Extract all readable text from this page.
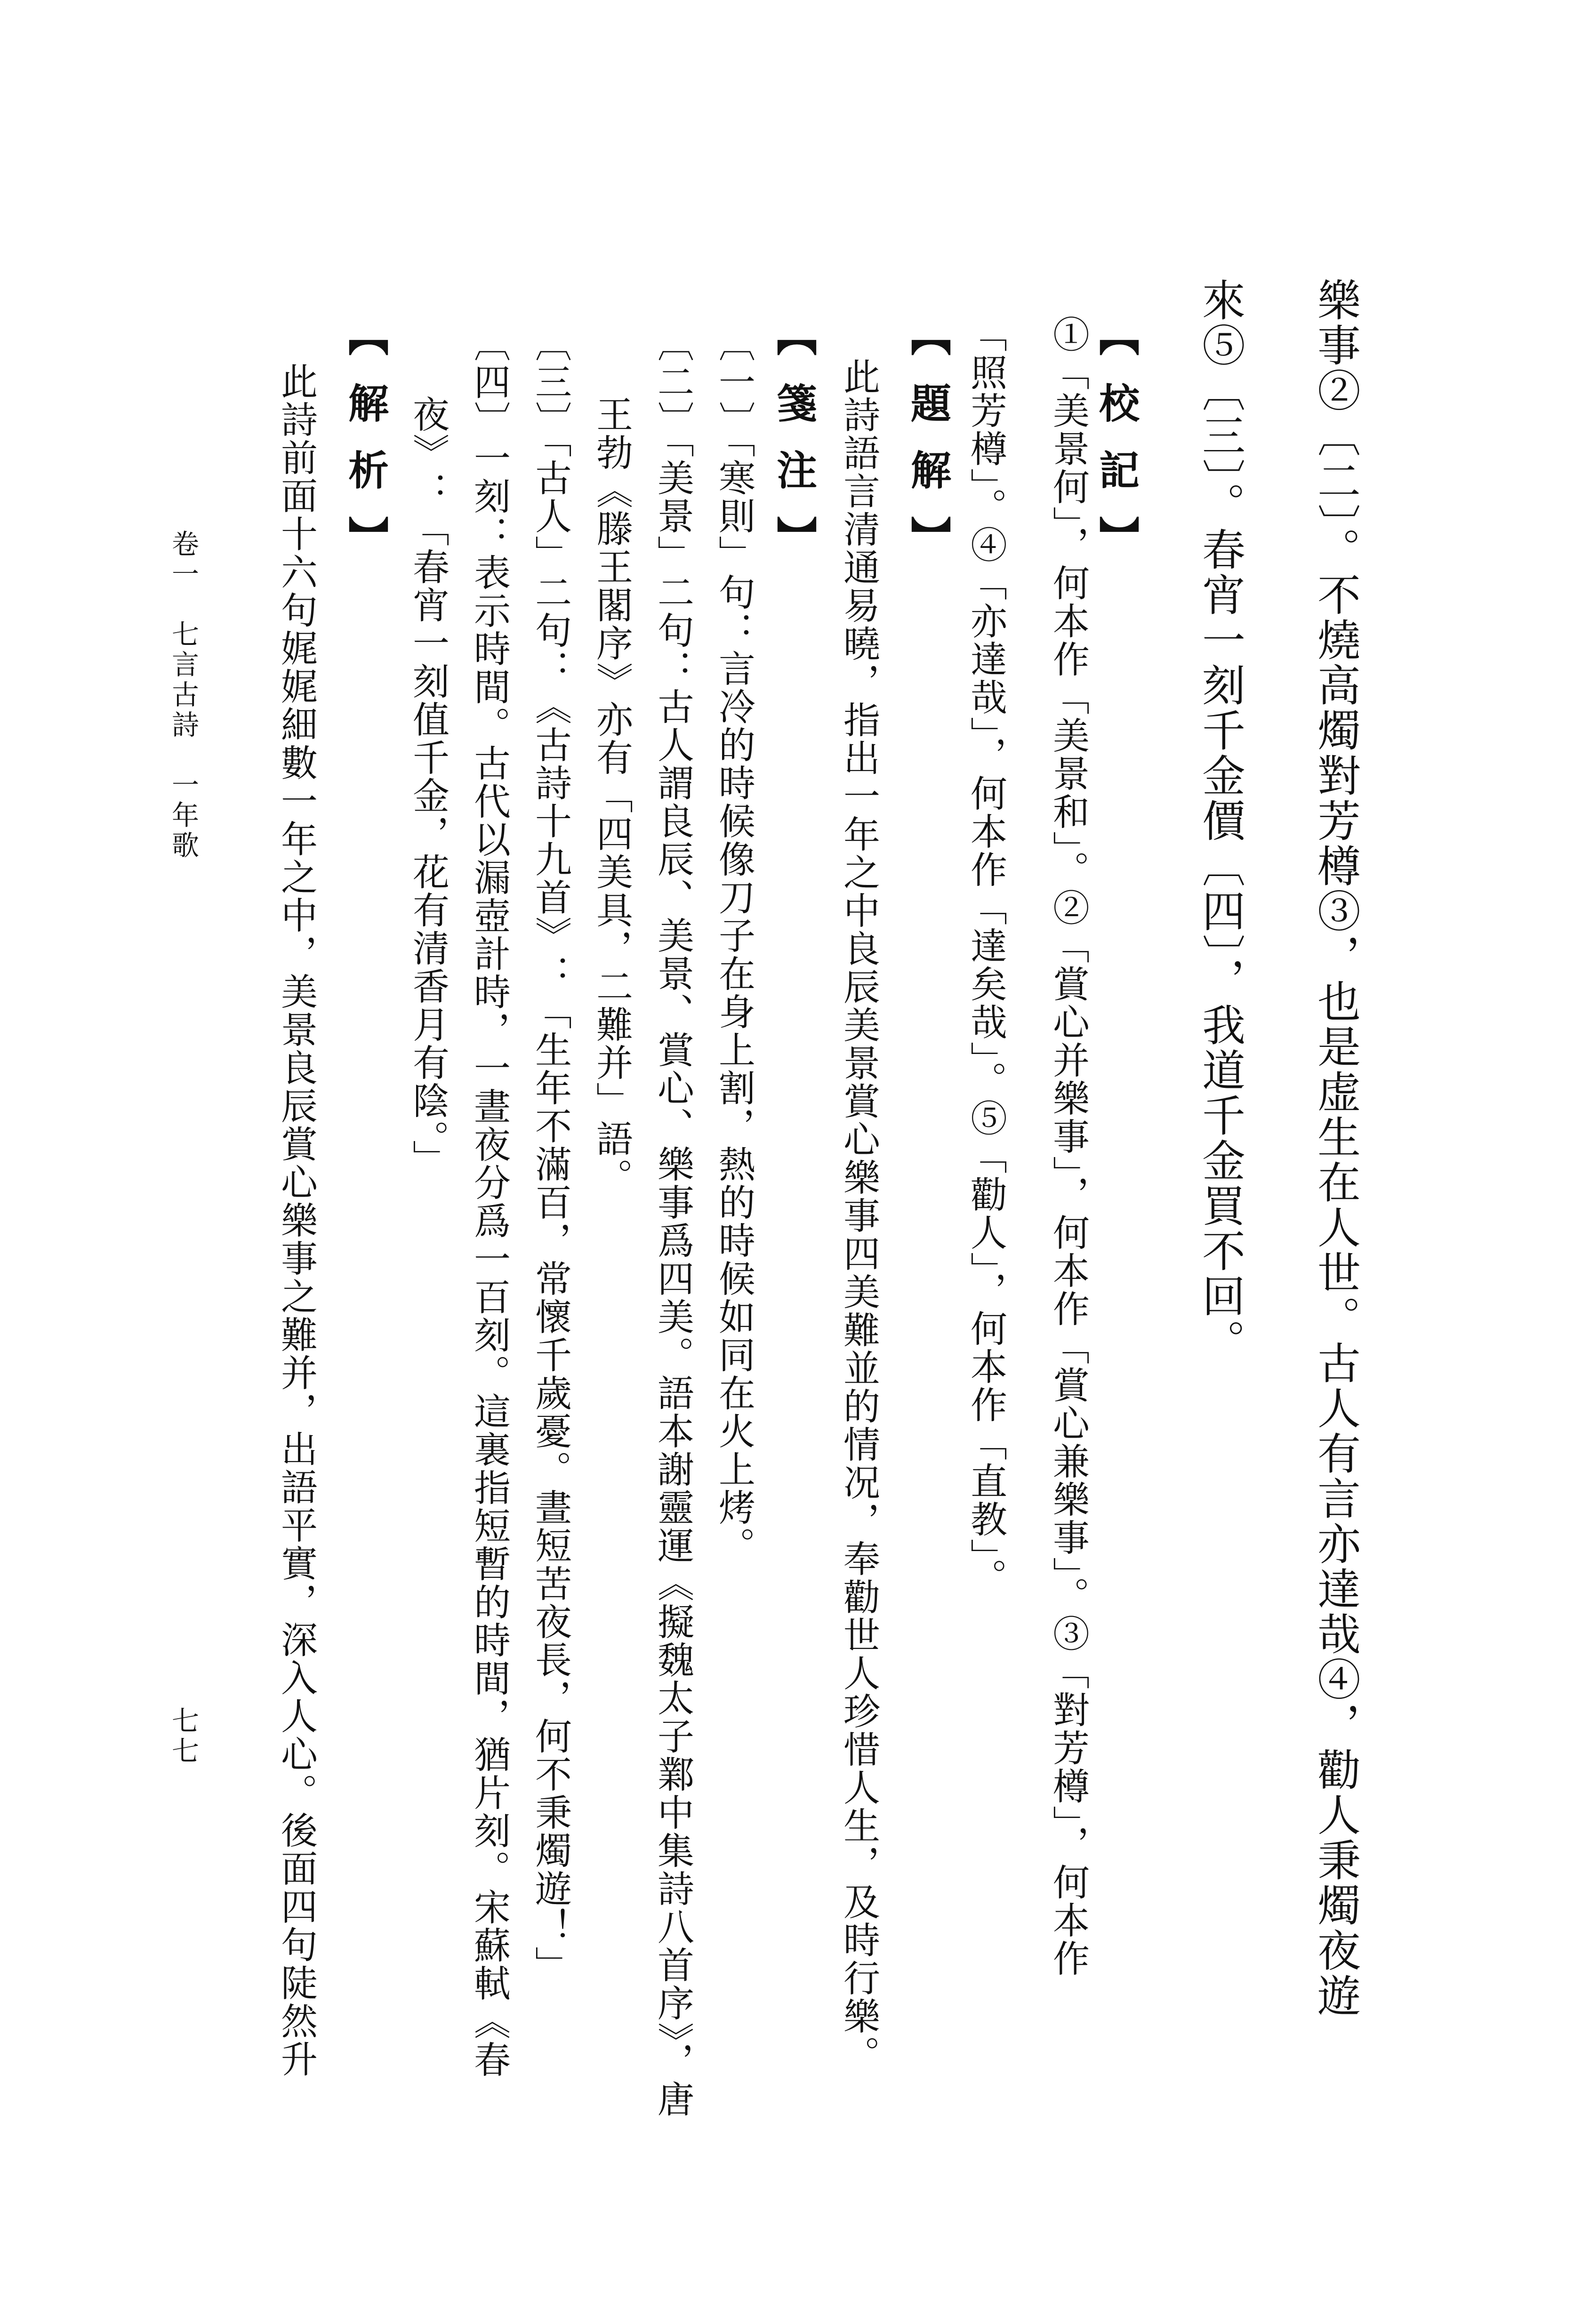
樂事②〔二〕。不燒高燭對芳樽③，也是虚生在人世。古人有言亦達哉④，勸人秉燭夜遊
來⑤〔三〕。春宵一刻千金價〔四〕，我道千金買不回。
【校記】
①「美景何」，何本作「美景和」。②「賞心并樂事」，何本作「賞心兼樂事」。③「對芳樽」，何本作
「照芳樽」。④「亦達哉」，何本作「達矣哉」。⑤「勸人」，何本作「直教」。
【題解】
此詩語言清通易曉，指出一年之中良辰美景賞心樂事四美難並的情况，奉勸世人珍惜人生，及時行樂。
【箋注】
〔一〕「寒則」句：言冷的時候像刀子在身上割，熱的時候如同在火上烤。
〔二〕「美景」二句：古人謂良辰、美景、賞心、樂事爲四美。語本謝靈運《擬魏太子鄴中集詩八首序》，唐
王勃《滕王閣序》亦有「四美具，二難并」語。
〔三〕「古人」二句：《古詩十九首》：「生年不滿百，常懷千歲憂。晝短苦夜長，何不秉燭遊！」
〔四〕一刻：表示時間。古代以漏壺計時，一晝夜分爲一百刻。這裏指短暫的時間，猶片刻。宋蘇軾《春
夜》：「春宵一刻值千金，花有清香月有陰。」
【解析】
此詩前面十六句娓娓細數一年之中，美景良辰賞心樂事之難并，出語平實，深入人心。後面四句陡然升
卷一　七言古詩　一年歌
七七
